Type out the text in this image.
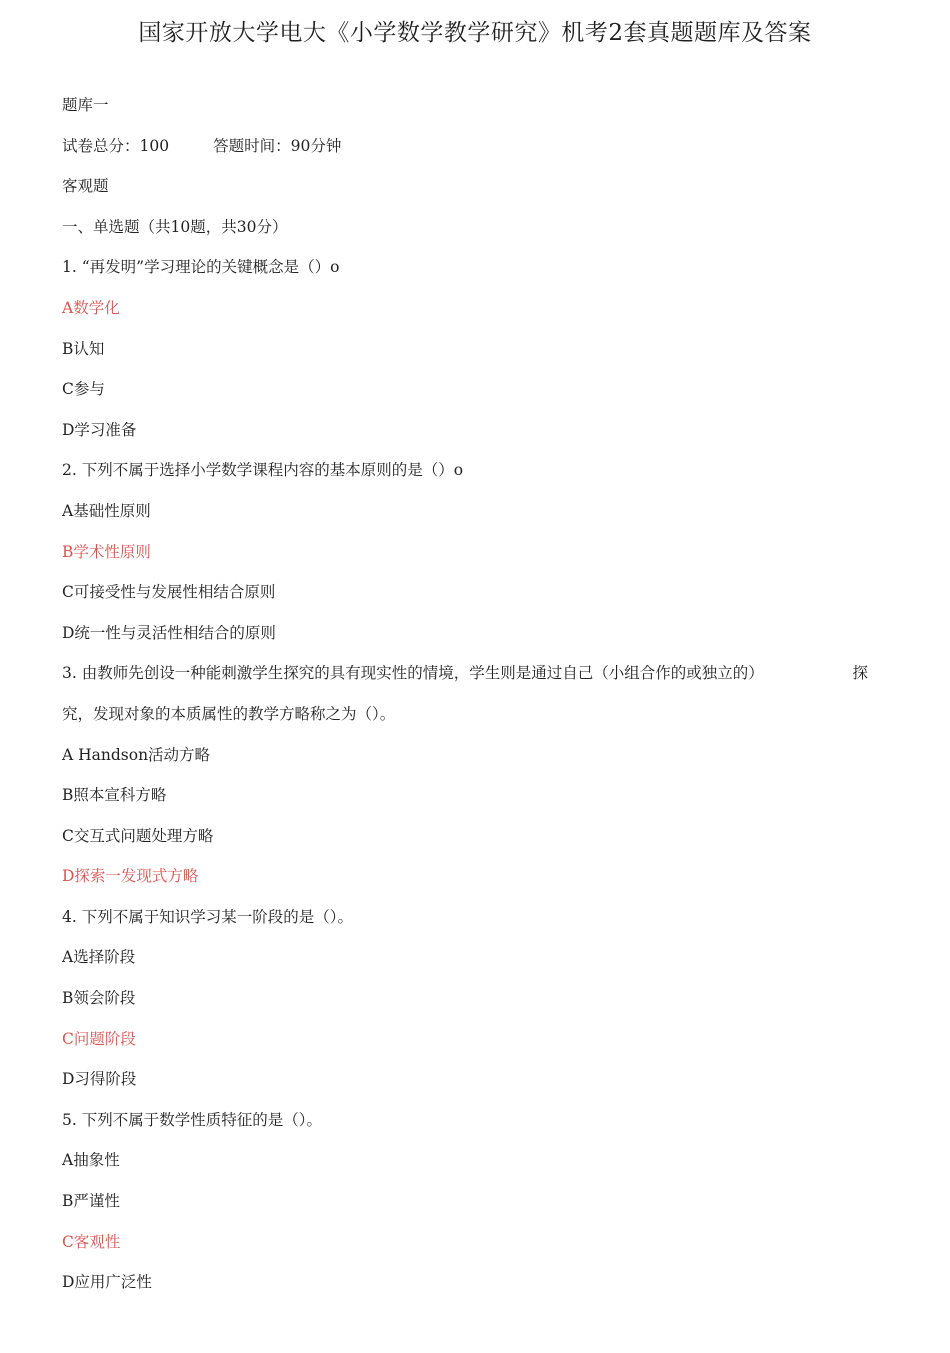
国家开放大学电大《小学数学教学研究》机考2套真题题库及答案
题库一
试卷总分：100	答题时间：90分钟
客观题
一、单选题（共10题，共30分）
1. “再发明”学习理论的关键概念是（）o
A数学化
B认知
C参与
D学习准备
2. 下列不属于选择小学数学课程内容的基本原则的是（）o
A基础性原则
B学术性原则
C可接受性与发展性相结合原则
D统一性与灵活性相结合的原则
3. 由教师先创设一种能刺激学生探究的具有现实性的情境，学生则是通过自己（小组合作的或独立的）	探
究，发现对象的本质属性的教学方略称之为（）。
A Handson活动方略
B照本宣科方略
C交互式问题处理方略
D探索一发现式方略
4. 下列不属于知识学习某一阶段的是（）。
A选择阶段
B领会阶段
C问题阶段
D习得阶段
5. 下列不属于数学性质特征的是（）。
A抽象性
B严谨性
C客观性
D应用广泛性
